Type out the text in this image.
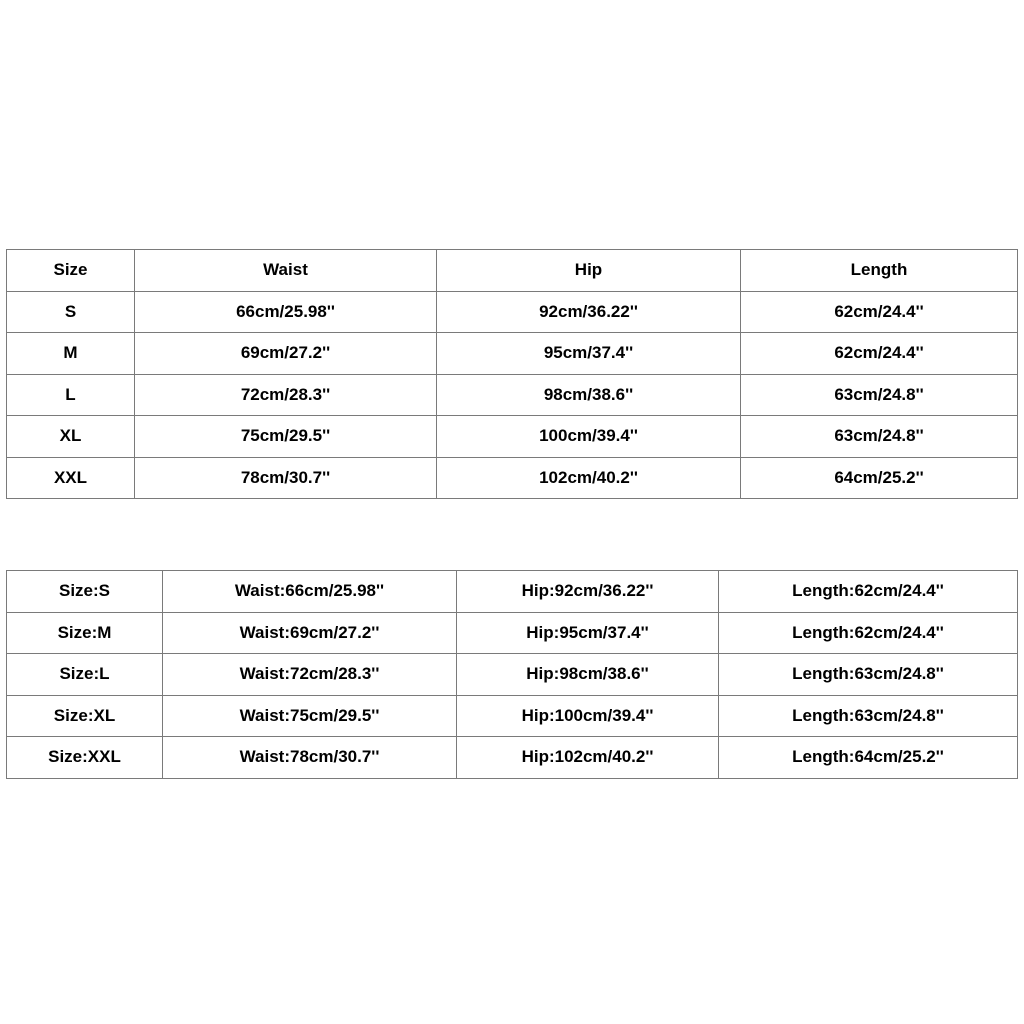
Size	Waist	Hip	Length
S	66cm/25.98''	92cm/36.22''	62cm/24.4''
M	69cm/27.2''	95cm/37.4''	62cm/24.4''
L	72cm/28.3''	98cm/38.6''	63cm/24.8''
XL	75cm/29.5''	100cm/39.4''	63cm/24.8''
XXL	78cm/30.7''	102cm/40.2''	64cm/25.2''
Size:S	Waist:66cm/25.98''	Hip:92cm/36.22''	Length:62cm/24.4''
Size:M	Waist:69cm/27.2''	Hip:95cm/37.4''	Length:62cm/24.4''
Size:L	Waist:72cm/28.3''	Hip:98cm/38.6''	Length:63cm/24.8''
Size:XL	Waist:75cm/29.5''	Hip:100cm/39.4''	Length:63cm/24.8''
Size:XXL	Waist:78cm/30.7''	Hip:102cm/40.2''	Length:64cm/25.2''
